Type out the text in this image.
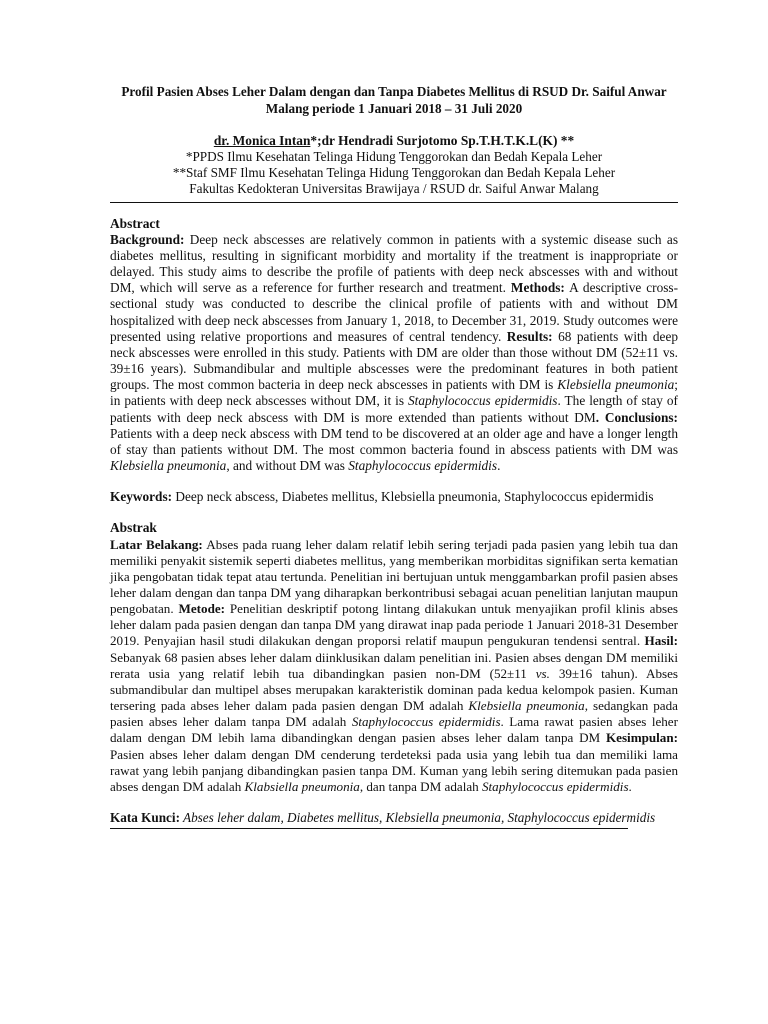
Profil Pasien Abses Leher Dalam dengan dan Tanpa Diabetes Mellitus di RSUD Dr. Saiful Anwar Malang periode 1 Januari 2018 – 31 Juli 2020

dr. Monica Intan*;dr Hendradi Surjotomo Sp.T.H.T.K.L(K) **
*PPDS Ilmu Kesehatan Telinga Hidung Tenggorokan dan Bedah Kepala Leher
**Staf SMF Ilmu Kesehatan Telinga Hidung Tenggorokan dan Bedah Kepala Leher
Fakultas Kedokteran Universitas Brawijaya / RSUD dr. Saiful Anwar Malang
Abstract
Background: Deep neck abscesses are relatively common in patients with a systemic disease such as diabetes mellitus, resulting in significant morbidity and mortality if the treatment is inappropriate or delayed. This study aims to describe the profile of patients with deep neck abscesses with and without DM, which will serve as a reference for further research and treatment. Methods: A descriptive cross-sectional study was conducted to describe the clinical profile of patients with and without DM hospitalized with deep neck abscesses from January 1, 2018, to December 31, 2019. Study outcomes were presented using relative proportions and measures of central tendency. Results: 68 patients with deep neck abscesses were enrolled in this study. Patients with DM are older than those without DM (52±11 vs. 39±16 years). Submandibular and multiple abscesses were the predominant features in both patient groups. The most common bacteria in deep neck abscesses in patients with DM is Klebsiella pneumonia; in patients with deep neck abscesses without DM, it is Staphylococcus epidermidis. The length of stay of patients with deep neck abscess with DM is more extended than patients without DM. Conclusions: Patients with a deep neck abscess with DM tend to be discovered at an older age and have a longer length of stay than patients without DM. The most common bacteria found in abscess patients with DM was Klebsiella pneumonia, and without DM was Staphylococcus epidermidis.
Keywords: Deep neck abscess, Diabetes mellitus, Klebsiella pneumonia, Staphylococcus epidermidis
Abstrak
Latar Belakang: Abses pada ruang leher dalam relatif lebih sering terjadi pada pasien yang lebih tua dan memiliki penyakit sistemik seperti diabetes mellitus, yang memberikan morbiditas signifikan serta kematian jika pengobatan tidak tepat atau tertunda. Penelitian ini bertujuan untuk menggambarkan profil pasien abses leher dalam dengan dan tanpa DM yang diharapkan berkontribusi sebagai acuan penelitian lanjutan maupun pengobatan. Metode: Penelitian deskriptif potong lintang dilakukan untuk menyajikan profil klinis abses leher dalam pada pasien dengan dan tanpa DM yang dirawat inap pada periode 1 Januari 2018-31 Desember 2019. Penyajian hasil studi dilakukan dengan proporsi relatif maupun pengukuran tendensi sentral. Hasil: Sebanyak 68 pasien abses leher dalam diinklusikan dalam penelitian ini. Pasien abses dengan DM memiliki rerata usia yang relatif lebih tua dibandingkan pasien non-DM (52±11 vs. 39±16 tahun). Abses submandibular dan multipel abses merupakan karakteristik dominan pada kedua kelompok pasien. Kuman tersering pada abses leher dalam pada pasien dengan DM adalah Klebsiella pneumonia, sedangkan pada pasien abses leher dalam tanpa DM adalah Staphylococcus epidermidis. Lama rawat pasien abses leher dalam dengan DM lebih lama dibandingkan dengan pasien abses leher dalam tanpa DM Kesimpulan: Pasien abses leher dalam dengan DM cenderung terdeteksi pada usia yang lebih tua dan memiliki lama rawat yang lebih panjang dibandingkan pasien tanpa DM. Kuman yang lebih sering ditemukan pada pasien abses dengan DM adalah Klabsiella pneumonia, dan tanpa DM adalah Staphylococcus epidermidis.
Kata Kunci: Abses leher dalam, Diabetes mellitus, Klebsiella pneumonia, Staphylococcus epidermidis
